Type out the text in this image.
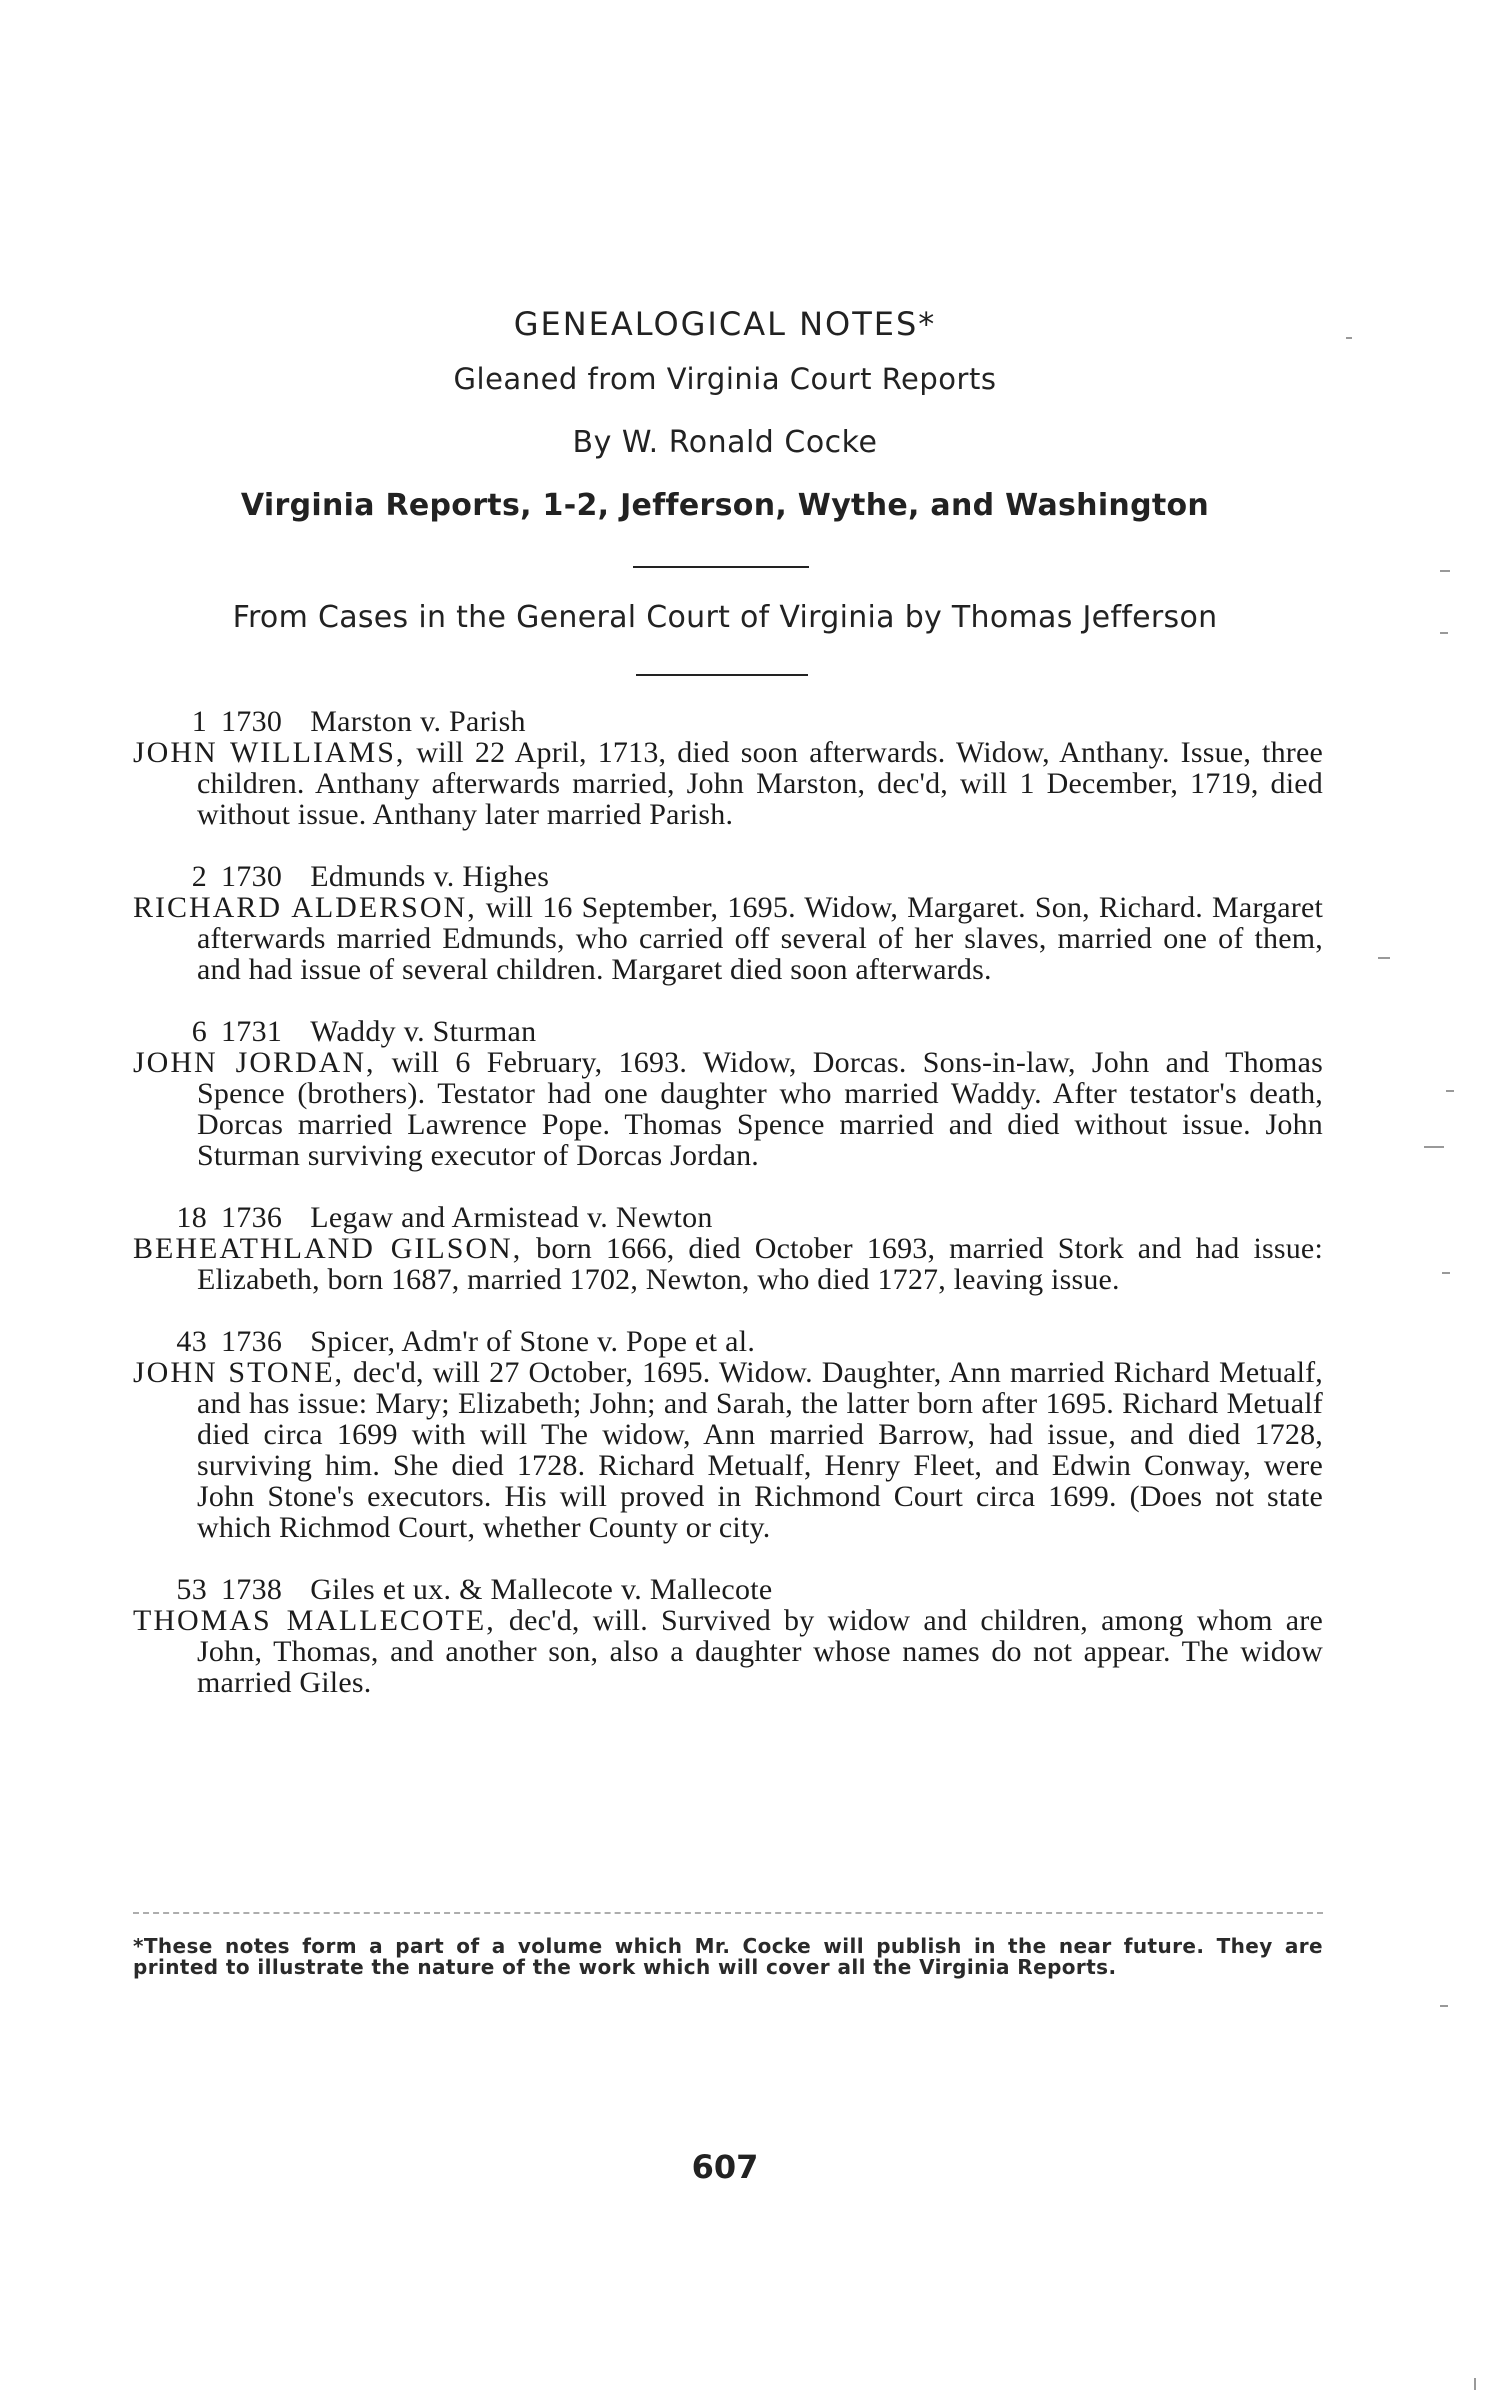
GENEALOGICAL NOTES*
Gleaned from Virginia Court Reports
By W. Ronald Cocke
Virginia Reports, 1-2, Jefferson, Wythe, and Washington
From Cases in the General Court of Virginia by Thomas Jefferson
1 1730 Marston v. Parish
JOHN WILLIAMS, will 22 April, 1713, died soon afterwards. Widow, Anthany. Issue, three children. Anthany afterwards married, John Marston, dec'd, will 1 December, 1719, died without issue. Anthany later married Parish.
2 1730 Edmunds v. Highes
RICHARD ALDERSON, will 16 September, 1695. Widow, Margaret. Son, Richard. Margaret afterwards married Edmunds, who carried off several of her slaves, married one of them, and had issue of several children. Margaret died soon afterwards.
6 1731 Waddy v. Sturman
JOHN JORDAN, will 6 February, 1693. Widow, Dorcas. Sons-in-law, John and Thomas Spence (brothers). Testator had one daughter who married Waddy. After testator's death, Dorcas married Lawrence Pope. Thomas Spence married and died without issue. John Sturman surviving executor of Dorcas Jordan.
18 1736 Legaw and Armistead v. Newton
BEHEATHLAND GILSON, born 1666, died October 1693, married Stork and had issue: Elizabeth, born 1687, married 1702, Newton, who died 1727, leaving issue.
43 1736 Spicer, Adm'r of Stone v. Pope et al.
JOHN STONE, dec'd, will 27 October, 1695. Widow. Daughter, Ann married Richard Metualf, and has issue: Mary; Elizabeth; John; and Sarah, the latter born after 1695. Richard Metualf died circa 1699 with will The widow, Ann married Barrow, had issue, and died 1728, surviving him. She died 1728. Richard Metualf, Henry Fleet, and Edwin Conway, were John Stone's executors. His will proved in Richmond Court circa 1699. (Does not state which Richmod Court, whether County or city.
53 1738 Giles et ux. & Mallecote v. Mallecote
THOMAS MALLECOTE, dec'd, will. Survived by widow and children, among whom are John, Thomas, and another son, also a daughter whose names do not appear. The widow married Giles.
*These notes form a part of a volume which Mr. Cocke will publish in the near future. They are printed to illustrate the nature of the work which will cover all the Virginia Reports.
607
